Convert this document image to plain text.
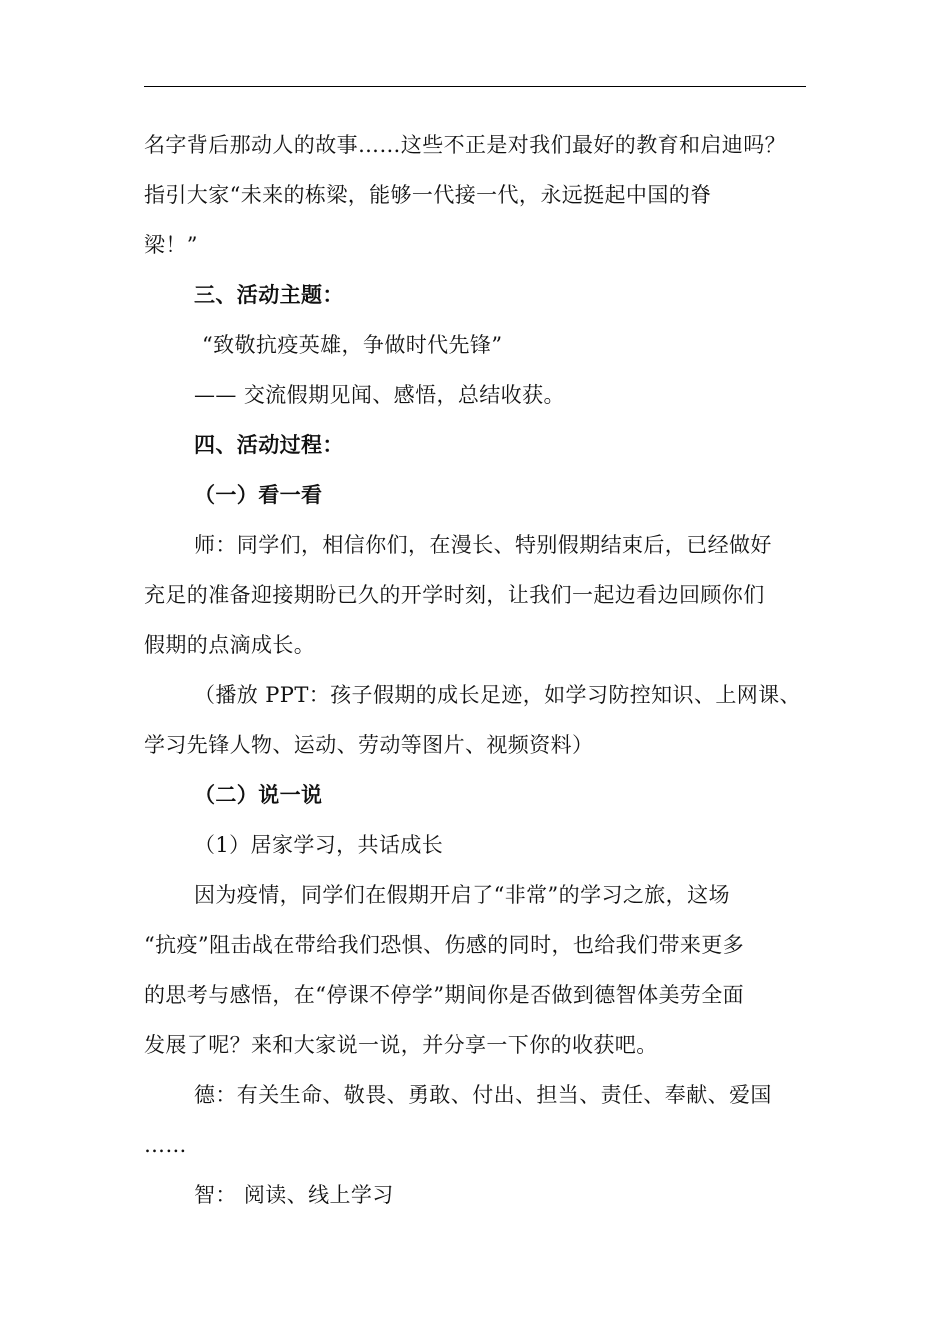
名字背后那动人的故事……这些不正是对我们最好的教育和启迪吗？
指引大家“未来的栋梁，能够一代接一代，永远挺起中国的脊
梁！”
三、活动主题：
“致敬抗疫英雄，争做时代先锋”
—— 交流假期见闻、感悟，总结收获。
四、活动过程：
（一）看一看
师：同学们，相信你们，在漫长、特别假期结束后，已经做好
充足的准备迎接期盼已久的开学时刻，让我们一起边看边回顾你们
假期的点滴成长。
（播放 PPT：孩子假期的成长足迹，如学习防控知识、上网课、
学习先锋人物、运动、劳动等图片、视频资料）
（二）说一说
（1）居家学习，共话成长
因为疫情，同学们在假期开启了“非常”的学习之旅，这场
“抗疫”阻击战在带给我们恐惧、伤感的同时，也给我们带来更多
的思考与感悟，在“停课不停学”期间你是否做到德智体美劳全面
发展了呢？来和大家说一说，并分享一下你的收获吧。
德：有关生命、敬畏、勇敢、付出、担当、责任、奉献、爱国
……
智： 阅读、线上学习
